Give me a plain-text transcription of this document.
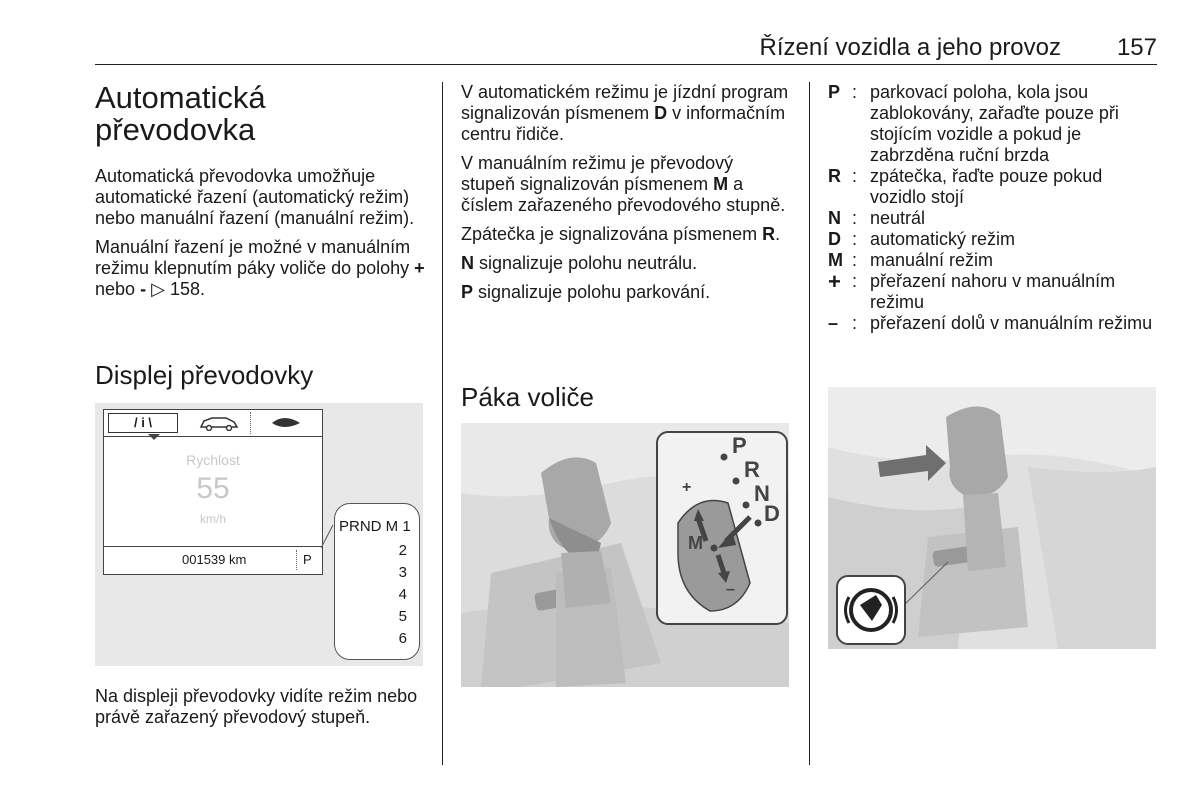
Řízení vozidla a jeho provoz 157
Automatická převodovka

Automatická převodovka umožňuje automatické řazení (automatický režim) nebo manuální řazení (manuální režim).

Manuální řazení je možné v manuálním režimu klepnutím páky voliče do polohy + nebo - ▷ 158.

Displej převodovky
/ i \
Rychlost
55
km/h
001539 km	P
PRND M 1
2
3
4
5
6

Na displeji převodovky vidíte režim nebo právě zařazený převodový stupeň.

V automatickém režimu je jízdní program signalizován písmenem D v informačním centru řidiče.

V manuálním režimu je převodový stupeň signalizován písmenem M a číslem zařazeného převodového stupně.

Zpátečka je signalizována písmenem R.

N signalizuje polohu neutrálu.

P signalizuje polohu parkování.

Páka voliče
P
R
N
D
M
+
–
P : parkovací poloha, kola jsou zablokovány, zařaďte pouze při stojícím vozidle a pokud je zabrzděna ruční brzda
R : zpátečka, řaďte pouze pokud vozidlo stojí
N : neutrál
D : automatický režim
M : manuální režim
+ : přeřazení nahoru v manuálním režimu
– : přeřazení dolů v manuálním režimu
